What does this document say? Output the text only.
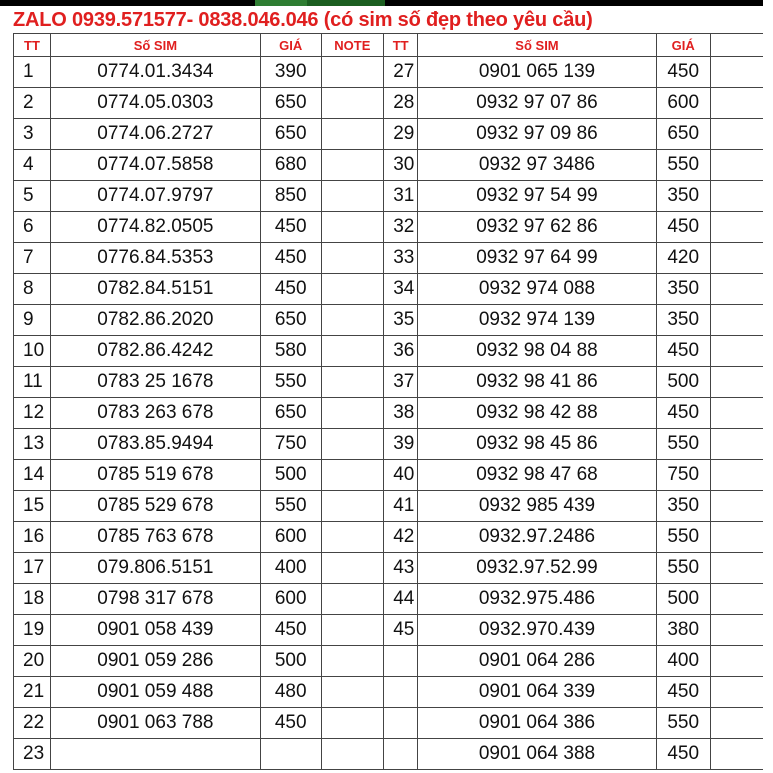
ZALO 0939.571577- 0838.046.046 (có sim số đẹp theo yêu cầu)
TT	Số SIM	GIÁ	NOTE	TT	Số SIM	GIÁ	
1	0774.01.3434	390		27	0901 065 139	450	
2	0774.05.0303	650		28	0932 97 07 86	600	
3	0774.06.2727	650		29	0932 97 09 86	650	
4	0774.07.5858	680		30	0932 97 3486	550	
5	0774.07.9797	850		31	0932 97 54 99	350	
6	0774.82.0505	450		32	0932 97 62 86	450	
7	0776.84.5353	450		33	0932 97 64 99	420	
8	0782.84.5151	450		34	0932 974 088	350	
9	0782.86.2020	650		35	0932 974 139	350	
10	0782.86.4242	580		36	0932 98 04 88	450	
11	0783 25 1678	550		37	0932 98 41 86	500	
12	0783 263 678	650		38	0932 98 42 88	450	
13	0783.85.9494	750		39	0932 98 45 86	550	
14	0785 519 678	500		40	0932 98 47 68	750	
15	0785 529 678	550		41	0932 985 439	350	
16	0785 763 678	600		42	0932.97.2486	550	
17	079.806.5151	400		43	0932.97.52.99	550	
18	0798 317 678	600		44	0932.975.486	500	
19	0901 058 439	450		45	0932.970.439	380	
20	0901 059 286	500			0901 064 286	400	
21	0901 059 488	480			0901 064 339	450	
22	0901 063 788	450			0901 064 386	550	
23					0901 064 388	450	
